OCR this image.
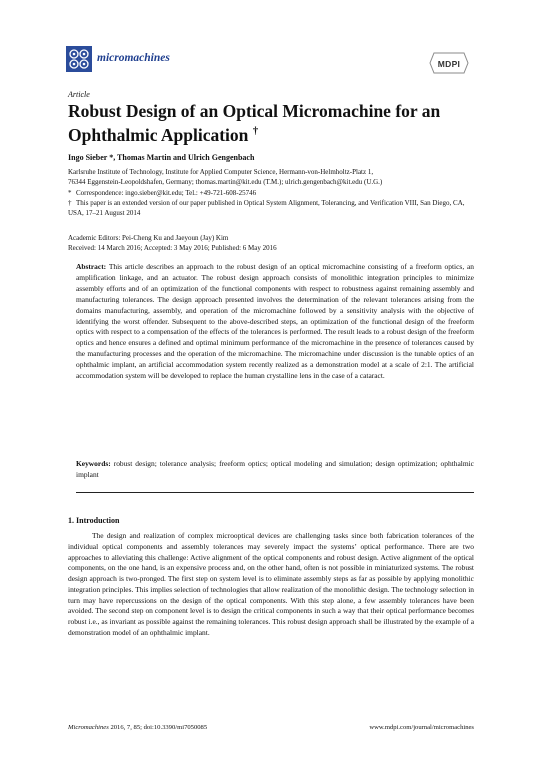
micromachines	MDPI
Article
Robust Design of an Optical Micromachine for an Ophthalmic Application †
Ingo Sieber *, Thomas Martin and Ulrich Gengenbach
Karlsruhe Institute of Technology, Institute for Applied Computer Science, Hermann-von-Helmholtz-Platz 1,
76344 Eggenstein-Leopoldshafen, Germany; thomas.martin@kit.edu (T.M.); ulrich.gengenbach@kit.edu (U.G.)
* Correspondence: ingo.sieber@kit.edu; Tel.: +49-721-608-25746
† This paper is an extended version of our paper published in Optical System Alignment, Tolerancing, and Verification VIII, San Diego, CA, USA, 17–21 August 2014
Academic Editors: Pei-Cheng Ku and Jaeyoun (Jay) Kim
Received: 14 March 2016; Accepted: 3 May 2016; Published: 6 May 2016

Abstract: This article describes an approach to the robust design of an optical micromachine consisting of a freeform optics, an amplification linkage, and an actuator. The robust design approach consists of monolithic integration principles to minimize assembly efforts and of an optimization of the functional components with respect to robustness against remaining assembly and manufacturing tolerances. The design approach presented involves the determination of the relevant tolerances arising from the domains manufacturing, assembly, and operation of the micromachine followed by a sensitivity analysis with the objective of identifying the worst offender. Subsequent to the above-described steps, an optimization of the functional design of the freeform optics with respect to a compensation of the effects of the tolerances is performed. The result leads to a robust design of the freeform optics and hence ensures a defined and optimal minimum performance of the micromachine in the presence of tolerances caused by the manufacturing processes and the operation of the micromachine. The micromachine under discussion is the tunable optics of an ophthalmic implant, an artificial accommodation system recently realized as a demonstration model at a scale of 2:1. The artificial accommodation system will be developed to replace the human crystalline lens in the case of a cataract.

Keywords: robust design; tolerance analysis; freeform optics; optical modeling and simulation; design optimization; ophthalmic implant

1. Introduction

The design and realization of complex microoptical devices are challenging tasks since both fabrication tolerances of the individual optical components and assembly tolerances may severely impact the systems’ optical performance. There are two approaches to alleviating this challenge: Active alignment of the optical components and robust design. Active alignment of the optical components, on the one hand, is an expensive process and, on the other hand, often is not possible in miniaturized systems. The robust design approach is two-pronged. The first step on system level is to eliminate assembly steps as far as possible by applying monolithic integration principles. This implies selection of technologies that allow realization of the monolithic design. The technology selection in turn may have repercussions on the design of the optical components. With this step alone, a few assembly tolerances have been avoided. The second step on component level is to design the critical components in such a way that their optical performance becomes robust i.e., as invariant as possible against the remaining tolerances. This robust design approach shall be illustrated by the example of a demonstration model of an ophthalmic implant.

Micromachines 2016, 7, 85; doi:10.3390/mi7050085	www.mdpi.com/journal/micromachines
